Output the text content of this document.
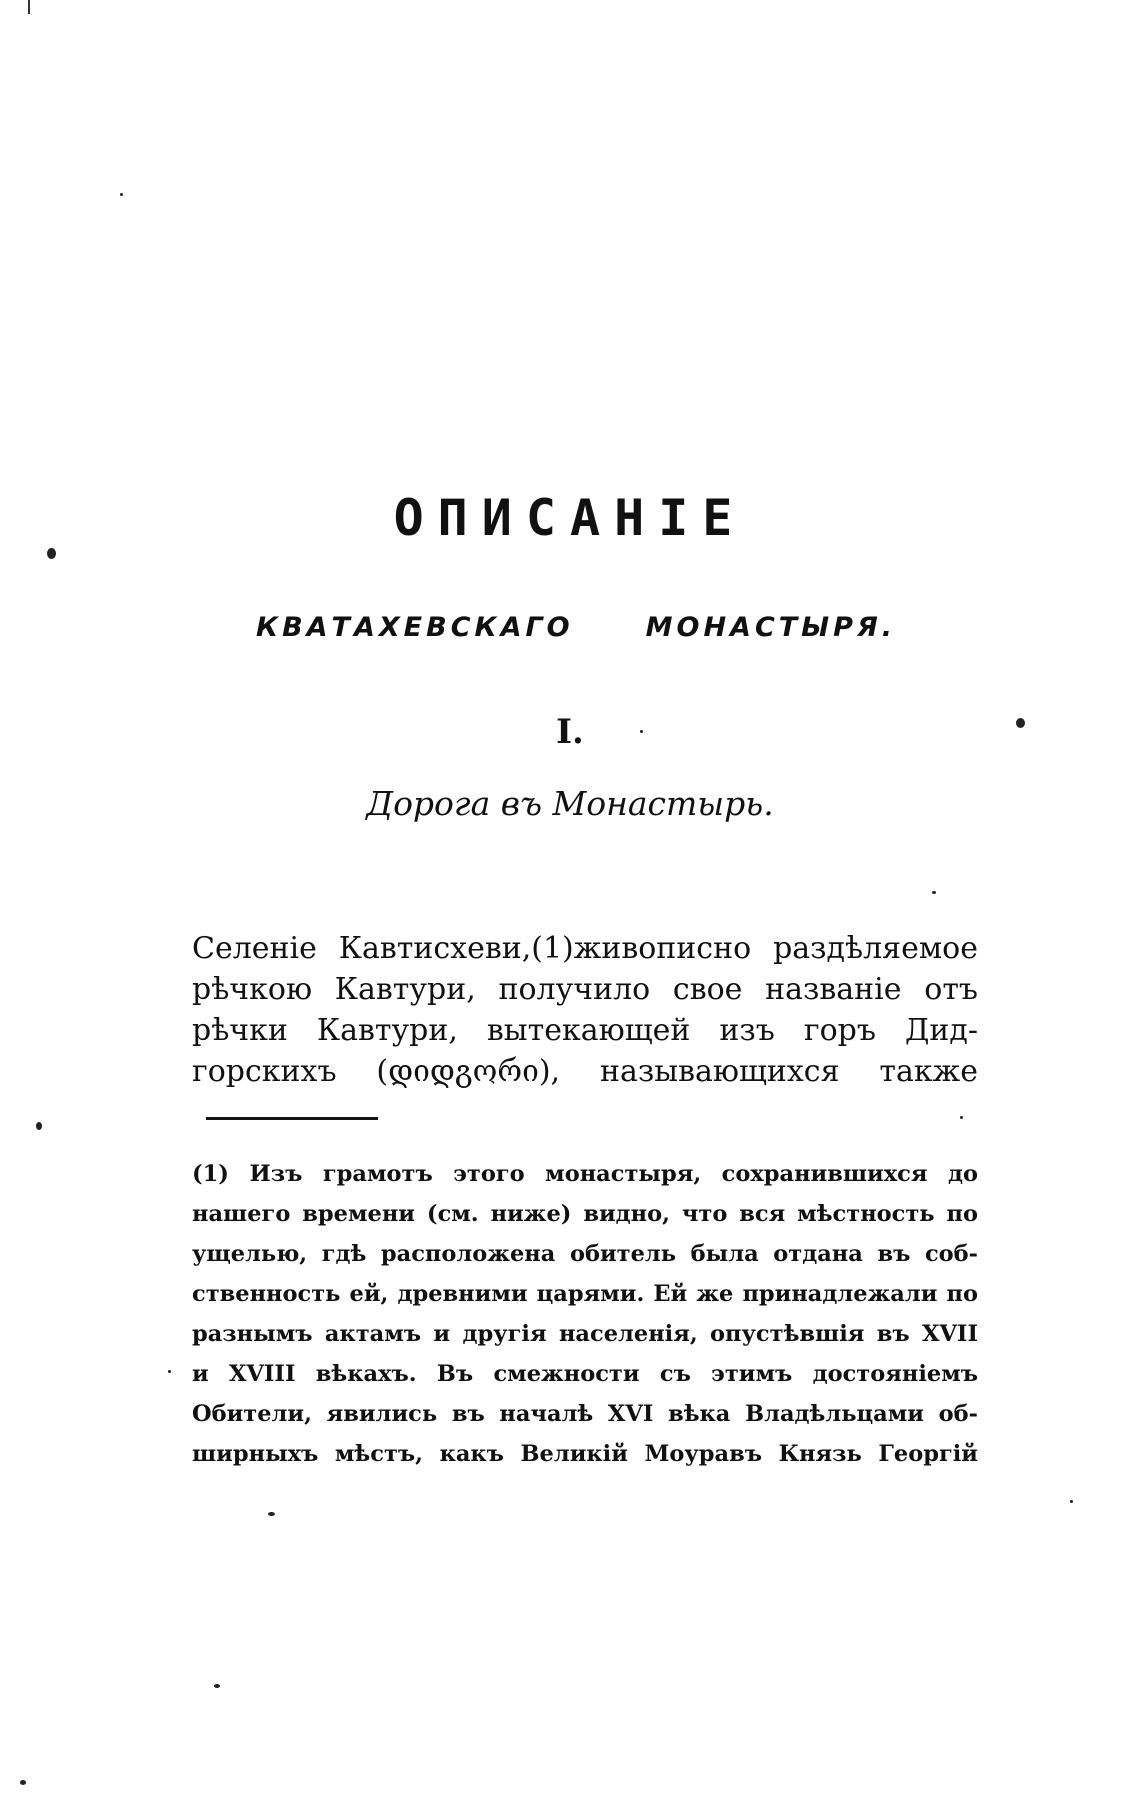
ОПИСАНІЕ
КВАТАХЕВСКАГО	МОНАСТЫРЯ.
I.
Дорога въ Монастырь.
Селеніе Кавтисхеви,(1)живописно раздѣляемое
рѣчкою Кавтури, получило свое названіе отъ
рѣчки Кавтури, вытекающей изъ горъ Дид-
горскихъ (დიდგორი), называющихся также
(1) Изъ грамотъ этого монастыря, сохранившихся до
нашего времени (см. ниже) видно, что вся мѣстность по
ущелью, гдѣ расположена обитель была отдана въ соб-
ственность ей, древними царями. Ей же принадлежали по
разнымъ актамъ и другія населенія, опустѣвшія въ XVII
и XVIII вѣкахъ. Въ смежности съ этимъ достояніемъ
Обители, явились въ началѣ XVI вѣка Владѣльцами об-
ширныхъ мѣстъ, какъ Великій Моуравъ Князь Георгій
